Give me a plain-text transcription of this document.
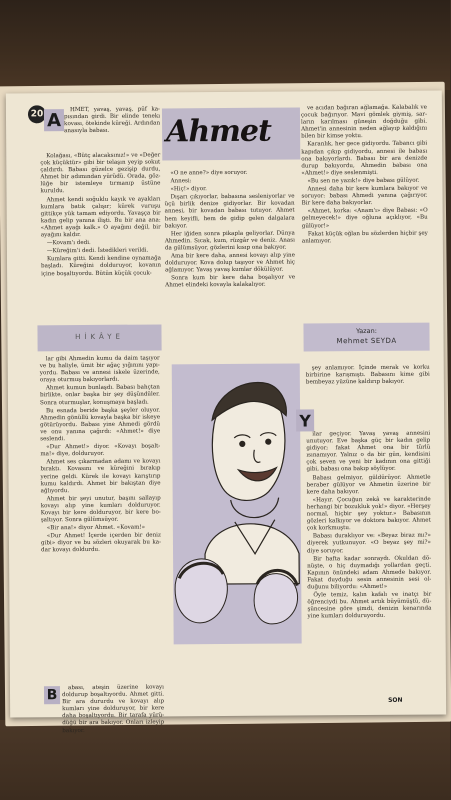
20 A	HMET, yavaş, yavaş, püf kapısından girdi. Bir elinde tenekı kovası, ötekinde küreği. Ardından anasıyla babası.

Kolağası, «Bütç alacaksınız!» ve «Değer çok küçüktür» gibi bir telaşın yeyip sokut çaldırdı. Babası güzelce gezişip durdu, Ahmet bir adımından yürüdü. Orada, gözlüğe bir istemleye tırmanıp üstüne kuruldu.

Ahmet kendi soğuklu kayık ve ayakları kumlara batık çalışır; kürek vuruşu gittikçe yük tamam ediyordu. Yavaşça bir kadın gelip yanına ilişti. Bu bir ana ana: «Ahmet ayağı kalk.» O ayağını değil, bir ayağını kaldır.

—Kovam'ı dedi.

—Küreğim'i dedi. İstedikleri verildi.

Kumlara gitti. Kendi kendine oynamağa başladı. Küreğini dolduruyor, kovanın içine boşaltıyordu. Bütün küçük çocuk-

HİKÂYE

lar gibi Ahmedin kumu da daim taşıyor ve bu haliyle, ümit bir ağaç yığınını yapıyordu. Babası ve annesi iskele üzerinde, oraya oturmuş bakıyorlardı.

Ahmet kumun bunlaşdı. Babası bahçtan birlikte, onlar başka bir şey düşündüler. Sonra oturmuşlar, konuşmaya başladı.

Bu esnada beride başka şeyler oluyor. Ahmedin gönüllü kovayla başka bir iskeye götürüyordu. Babası yine Ahmedi gördü ve onu yanına çağırdı: «Ahmet!» diye seslendi.

«Dur Ahmet!» diyor. «Kovayı boşaltma!» diye, dolduruyor.

Ahmet ses çıkarmadan adamı ve kovayı bıraktı. Kovasını ve küreğini bırakıp yerine geldi. Kürek ile kovayı karıştırıp kumu kaldırdı. Ahmet bir bakıştan diye ağlıyordu.

Ahmet bir şeyi unutur, başını sallayıp kovayı alıp yine kumları dolduruyor. Kovayı bir kere dolduruyor, bir kere boşaltıyor. Sonra gülümsüyor.

«Bir ana!» diyor Ahmet. «Kovam!»

«Dur Ahmet! İçerde içerden bir deniz gibi» diyor ve bu sözleri okuyarak bu kadar kovayı doldurdu.

B	abası, ateşin üzerine kovayı doldurup boşaltıyordu. Ahmet gitti. Bir ara dururdu ve kovayı alıp kumları yine dolduruyor, bir kere daha boşaltıyordu. Bir tarafa yürüdüğü bir ara bakıyor. Onları izleyip bakıyor.

Ahmet

«O ne anne?» diye soruyor.

Annesi:

«Hiç!» diyor.

Dışarı çıkıyorlar, babasına sesleniyorlar ve üçü birlik denize gidiyorlar. Bir kovadan annesi, bir kovadan babası tutuyor. Ahmet hem keyifli, hem de gidip gelen dalgalara bakıyor.

Her iğiden sonra pikapla geliyorlar. Dünya Ahmedin. Sıcak, kum, rüzgâr ve deniz. Anası da gülümsüyor, gözlerini kısıp ona bakıyor.

Ama bir kere daha, annesi kovayı alıp yine dolduruyor. Kova dolup taşıyor ve Ahmet hiç ağlamıyor. Yavaş yavaş kumlar dökülüyor.

Sonra kum bir kere daha boşalıyor ve Ahmet elindeki kovayla kalakalıyor.

ve acıdan bağıran ağlamağa. Kalabalık ve çocuk bağırıyor. Mavi gömlek giymiş, sarların karılması güneşin doğduğu gibi. Ahmet'in annesinin neden ağlayıp kaldığını bilen bir kimse yoktu.

Karanlık, her gece gidiyordu. Tabancı gibi kapıdan çıkıp gidiyordu, annesi ile babası ona bakıyorlardı. Babası bir ara denizde durup bakıyordu, Ahmedin babası ona «Ahmet!» diye seslenmişti.

«Bu sen ne yazık!» diye babası gülüyor.

Annesi daha bir kere kumlara bakıyor ve soruyor: babası Ahmedi yanına çağırıyor. Bir kere daha bakıyorlar.

«Ahmet, korka: «Anam'ı» diye Babası: «O gelmeyecek!» diye oğluna açıklıyor, «Bu gülüyor!»

Fakat küçük oğlan bu sözlerden hiçbir şey anlamıyor.

Yazan:
Mehmet SEYDA

şey anlamıyor. İçinde merak ve korku birbirine karışmıştı. Babasını kime gibi bembeyaz yüzüne kaldırıp bakıyor.

Y

ilar geçiyor. Yavaş yavaş annesini unutuyor. Eve başka güç bir kadın gelip gidiyor; fakat Ahmet ona bir türlü ısınamıyor. Yalnız o da bir gün, kendisini çok seven ve yeni bir kadının ona gittiği gibi, babası ona bakıp söylüyor.

Babası gelmiyor, güldürüyor. Ahmetle beraber gülüyor ve Ahmetin üzerine bir kere daha bakıyor.

«Hayır. Çocuğun zekâ ve karakterinde herhangi bir bozukluk yok!» diyor. «Herşey normal, hiçbir şey yoktur.» Babasının gözleri kalkıyor ve doktora bakıyor. Ahmet çok korkmuştu.

Babası duraklıyor ve: «Beyaz biraz mı?» diyerek yutkunuyor. «O beyaz şey mi?» diye soruyor.

Bir hafta kadar sonraydı. Okuldan dönüşte, o hiç duymadığı yollardan geçti. Kapının önündeki adam Ahmede bakıyor. Fakat duyduğu sesin annesinin sesi olduğunu biliyordu: «Ahmet!»

Öyle temiz, kalın kafalı ve inatçı bir öğrenciydi bu. Ahmet artık büyümüştü, düşüncesine göre şimdi, denizin kenarında yine kumları dolduruyordu.

SON
